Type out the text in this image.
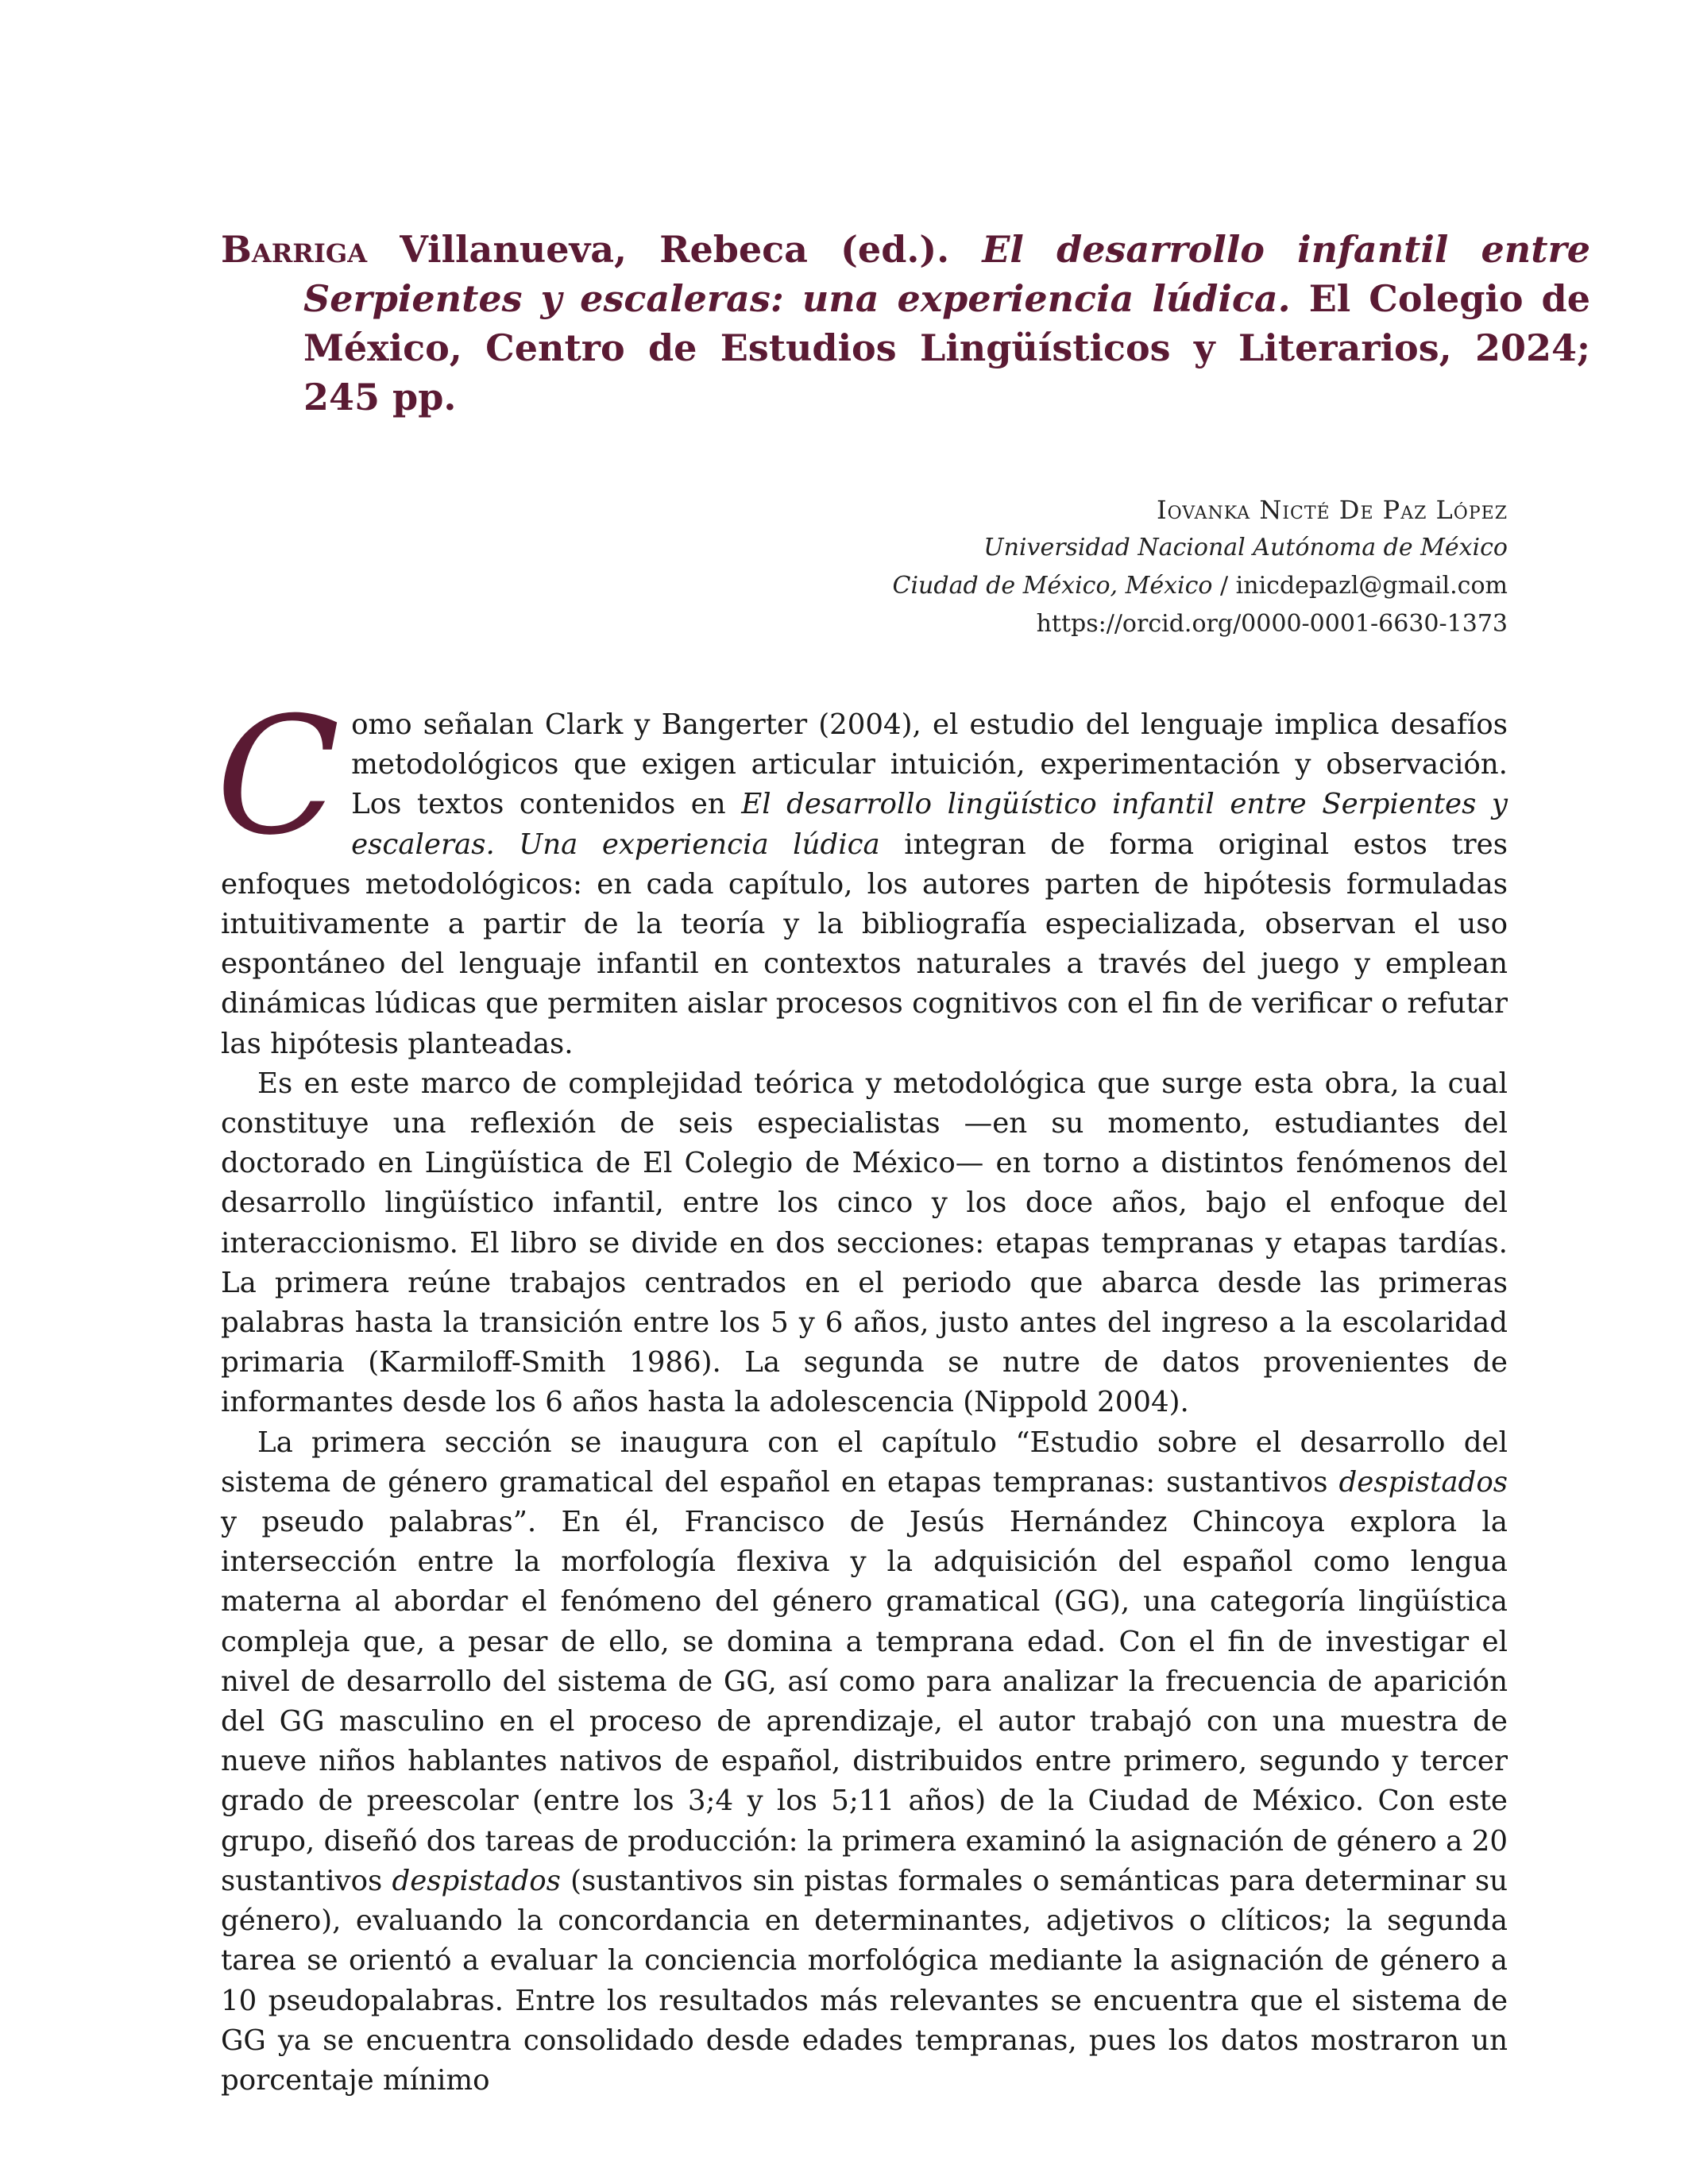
Barriga Villanueva, Rebeca (ed.). El desarrollo infantil entre Serpientes y escaleras: una experiencia lúdica. El Colegio de México, Centro de Estudios Lingüísticos y Literarios, 2024; 245 pp.
Iovanka Nicté De Paz López
Universidad Nacional Autónoma de México
Ciudad de México, México / inicdepazl@gmail.com
https://orcid.org/0000-0001-6630-1373

Como señalan Clark y Bangerter (2004), el estudio del lenguaje implica desafíos metodológicos que exigen articular intuición, experimentación y observación. Los textos contenidos en El desarrollo lingüístico infantil entre Serpientes y escaleras. Una experiencia lúdica integran de forma original estos tres enfoques metodológicos: en cada capítulo, los autores parten de hipótesis formuladas intuitivamente a partir de la teoría y la bibliografía especializada, observan el uso espontáneo del lenguaje infantil en contextos naturales a través del juego y emplean dinámicas lúdicas que permiten aislar procesos cognitivos con el fin de verificar o refutar las hipótesis planteadas.

Es en este marco de complejidad teórica y metodológica que surge esta obra, la cual constituye una reflexión de seis especialistas —en su momento, estudiantes del doctorado en Lingüística de El Colegio de México— en torno a distintos fenómenos del desarrollo lingüístico infantil, entre los cinco y los doce años, bajo el enfoque del interaccionismo. El libro se divide en dos secciones: etapas tempranas y etapas tardías. La primera reúne trabajos centrados en el periodo que abarca desde las primeras palabras hasta la transición entre los 5 y 6 años, justo antes del ingreso a la escolaridad primaria (Karmiloff-Smith 1986). La segunda se nutre de datos provenientes de informantes desde los 6 años hasta la adolescencia (Nippold 2004).

La primera sección se inaugura con el capítulo “Estudio sobre el desarrollo del sistema de género gramatical del español en etapas tempranas: sustantivos despistados y pseudo palabras”. En él, Francisco de Jesús Hernández Chincoya explora la intersección entre la morfología flexiva y la adquisición del español como lengua materna al abordar el fenómeno del género gramatical (GG), una categoría lingüística compleja que, a pesar de ello, se domina a temprana edad. Con el fin de investigar el nivel de desarrollo del sistema de GG, así como para analizar la frecuencia de aparición del GG masculino en el proceso de aprendizaje, el autor trabajó con una muestra de nueve niños hablantes nativos de español, distribuidos entre primero, segundo y tercer grado de preescolar (entre los 3;4 y los 5;11 años) de la Ciudad de México. Con este grupo, diseñó dos tareas de producción: la primera examinó la asignación de género a 20 sustantivos despistados (sustantivos sin pistas formales o semánticas para determinar su género), evaluando la concordancia en determinantes, adjetivos o clíticos; la segunda tarea se orientó a evaluar la conciencia morfológica mediante la asignación de género a 10 pseudopalabras. Entre los resultados más relevantes se encuentra que el sistema de GG ya se encuentra consolidado desde edades tempranas, pues los datos mostraron un porcentaje mínimo
